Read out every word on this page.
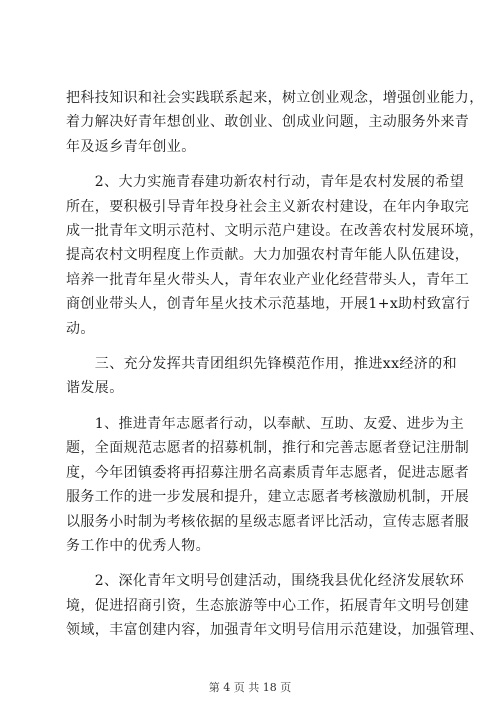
把科技知识和社会实践联系起来，树立创业观念，增强创业能力，
着力解决好青年想创业、敢创业、创成业问题，主动服务外来青
年及返乡青年创业。

　　2、大力实施青春建功新农村行动，青年是农村发展的希望
所在，要积极引导青年投身社会主义新农村建设，在年内争取完
成一批青年文明示范村、文明示范户建设。在改善农村发展环境，
提高农村文明程度上作贡献。大力加强农村青年能人队伍建设，
培养一批青年星火带头人，青年农业产业化经营带头人，青年工
商创业带头人，创青年星火技术示范基地，开展1+x助村致富行
动。

　　三、充分发挥共青团组织先锋模范作用，推进xx经济的和
谐发展。

　　1、推进青年志愿者行动，以奉献、互助、友爱、进步为主
题，全面规范志愿者的招募机制，推行和完善志愿者登记注册制
度，今年团镇委将再招募注册名高素质青年志愿者，促进志愿者
服务工作的进一步发展和提升，建立志愿者考核激励机制，开展
以服务小时制为考核依据的星级志愿者评比活动，宣传志愿者服
务工作中的优秀人物。

　　2、深化青年文明号创建活动，围绕我县优化经济发展软环
境，促进招商引资，生态旅游等中心工作，拓展青年文明号创建
领域，丰富创建内容，加强青年文明号信用示范建设，加强管理、

第 4 页 共 18 页
